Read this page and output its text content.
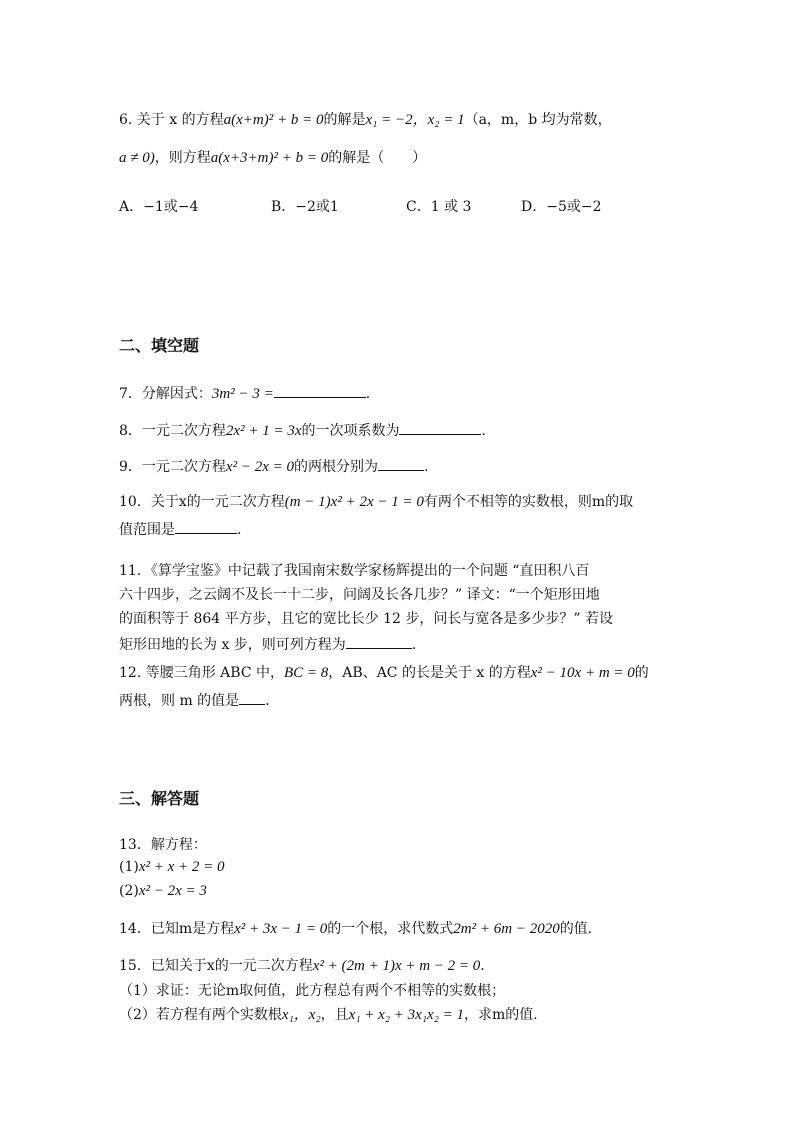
6. 关于 x 的方程a(x+m)² + b = 0的解是x₁ = −2，x₂ = 1（a，m，b 均为常数，
a ≠ 0)，则方程a(x+3+m)² + b = 0的解是（　　）
A．−1或−4	B．−2或1	C．1 或 3	D．−5或−2
二、填空题
7．分解因式：3m² − 3 =	.
8．一元二次方程2x² + 1 = 3x的一次项系数为	.
9．一元二次方程x² − 2x = 0的两根分别为	.
10．关于x的一元二次方程(m − 1)x² + 2x − 1 = 0有两个不相等的实数根，则m的取
值范围是	.
11．《算学宝鉴》中记载了我国南宋数学家杨辉提出的一个问题 “直田积八百
六十四步，之云阔不及长一十二步，问阔及长各几步？” 译文：“一个矩形田地
的面积等于 864 平方步，且它的宽比长少 12 步，问长与宽各是多少步？” 若设
矩形田地的长为 x 步，则可列方程为	.
12. 等腰三角形 ABC 中，BC = 8，AB、AC 的长是关于 x 的方程x² − 10x + m = 0的
两根，则 m 的值是 .
三、解答题
13．解方程：
(1)x² + x + 2 = 0
(2)x² − 2x = 3
14．已知m是方程x² + 3x − 1 = 0的一个根，求代数式2m² + 6m − 2020的值.
15．已知关于x的一元二次方程x² + (2m + 1)x + m − 2 = 0.
（1）求证：无论m取何值，此方程总有两个不相等的实数根；
（2）若方程有两个实数根x₁，x₂，且x₁ + x₂ + 3x₁x₂ = 1，求m的值.
